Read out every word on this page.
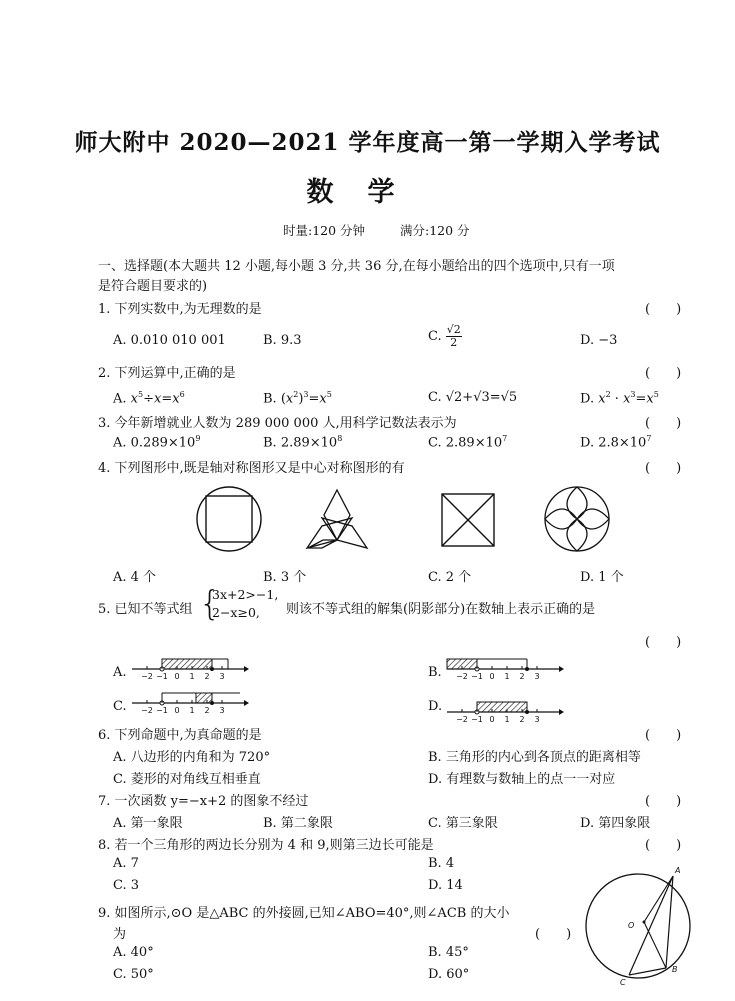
师大附中 2020—2021 学年度高一第一学期入学考试
数学
时量:120 分钟	满分:120 分
一、选择题(本大题共 12 小题,每小题 3 分,共 36 分,在每小题给出的四个选项中,只有一项
是符合题目要求的)
1. 下列实数中,为无理数的是	(　　)
A. 0.010 010 001	B. 9.3	C. $\frac{√2}{2}$	D. −3
2. 下列运算中,正确的是	(　　)
A. $x^5\div x=x^6$	B. $(x^2)^3=x^5$	C. √2+√3=√5	D. $x^2 \cdot x^3=x^5$
3. 今年新增就业人数为 289 000 000 人,用科学记数法表示为	(　　)
A. $0.289\times 10^9$	B. $2.89\times 10^8$	C. $2.89\times 10^7$	D. $2.8\times 10^7$
4. 下列图形中,既是轴对称图形又是中心对称图形的有	(　　)
A. 4 个	B. 3 个	C. 2 个	D. 1 个
5. 已知不等式组 {
3x+2>−1,
2−x≥0,	则该不等式组的解集(阴影部分)在数轴上表示正确的是
(　　)
A.	B.
C.	D.
−2 −1 0 1 2 3	−2 −1 0 1 2 3
−2 −1 0 1 2 3
−2 −1 0 1 2 3
6. 下列命题中,为真命题的是	(　　)
A. 八边形的内角和为 720°	B. 三角形的内心到各顶点的距离相等
C. 菱形的对角线互相垂直	D. 有理数与数轴上的点一一对应
7. 一次函数 y=−x+2 的图象不经过	(　　)
A. 第一象限	B. 第二象限	C. 第三象限	D. 第四象限
8. 若一个三角形的两边长分别为 4 和 9,则第三边长可能是	(　　)
A. 7	B. 4
C. 3	D. 14
9. 如图所示,⊙O 是△ABC 的外接圆,已知∠ABO=40°,则∠ACB 的大小
为	(　　)
A. 40°	B. 45°
C. 50°	D. 60°
A
B
C
O
